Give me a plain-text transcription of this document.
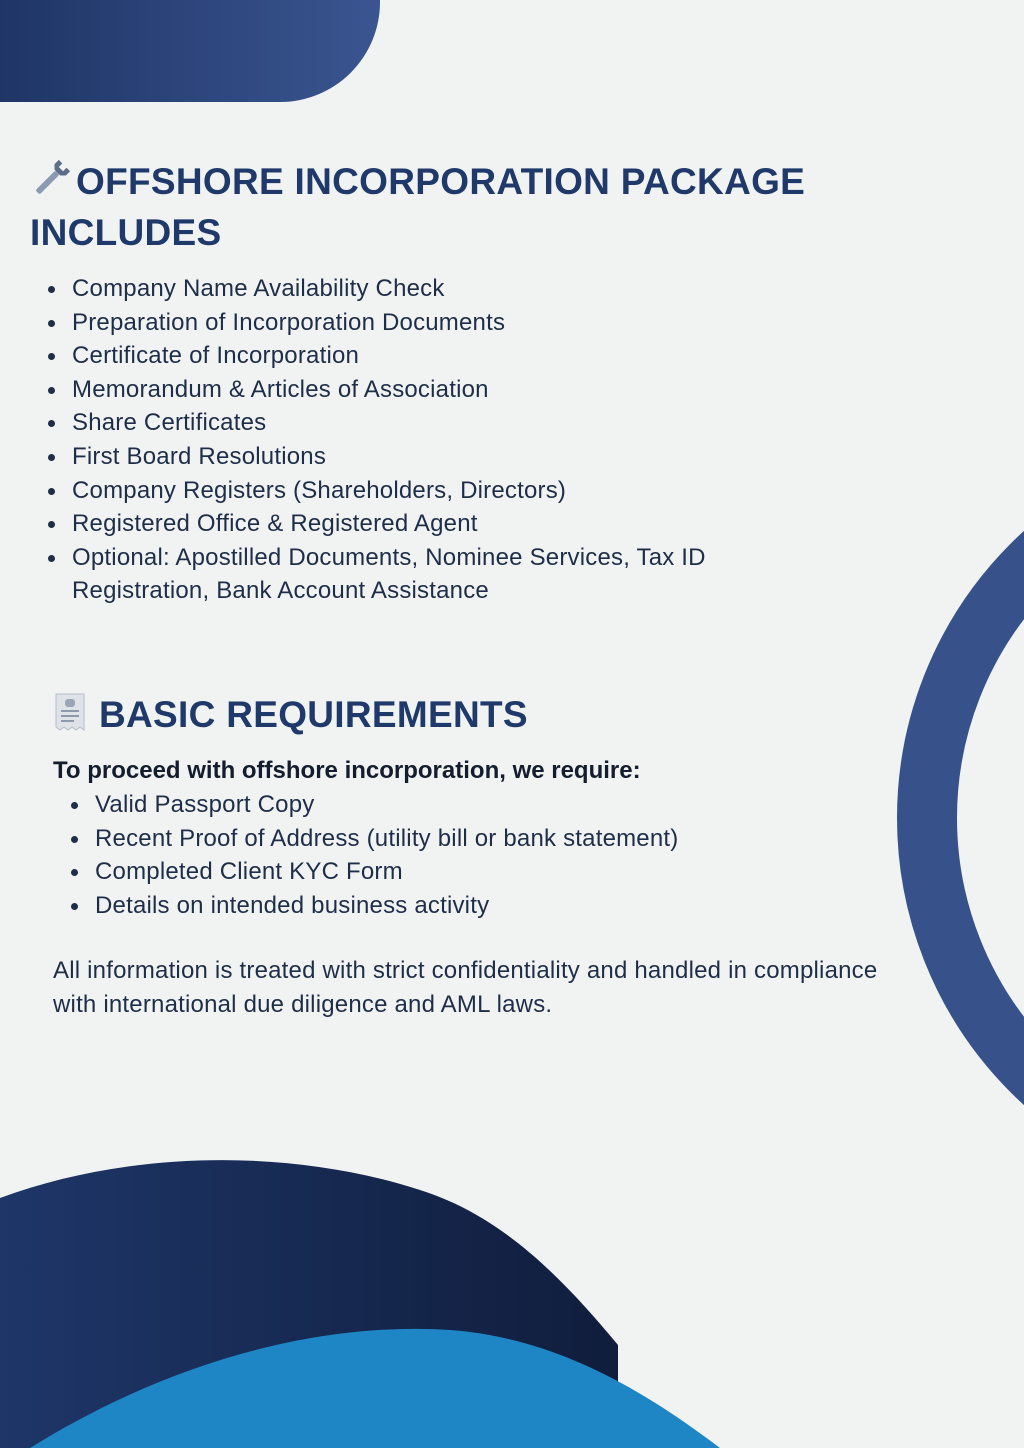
OFFSHORE INCORPORATION PACKAGE INCLUDES
Company Name Availability Check
Preparation of Incorporation Documents
Certificate of Incorporation
Memorandum & Articles of Association
Share Certificates
First Board Resolutions
Company Registers (Shareholders, Directors)
Registered Office & Registered Agent
Optional: Apostilled Documents, Nominee Services, Tax ID Registration, Bank Account Assistance
BASIC REQUIREMENTS

To proceed with offshore incorporation, we require:

Valid Passport Copy
Recent Proof of Address (utility bill or bank statement)
Completed Client KYC Form
Details on intended business activity

All information is treated with strict confidentiality and handled in compliance with international due diligence and AML laws.
